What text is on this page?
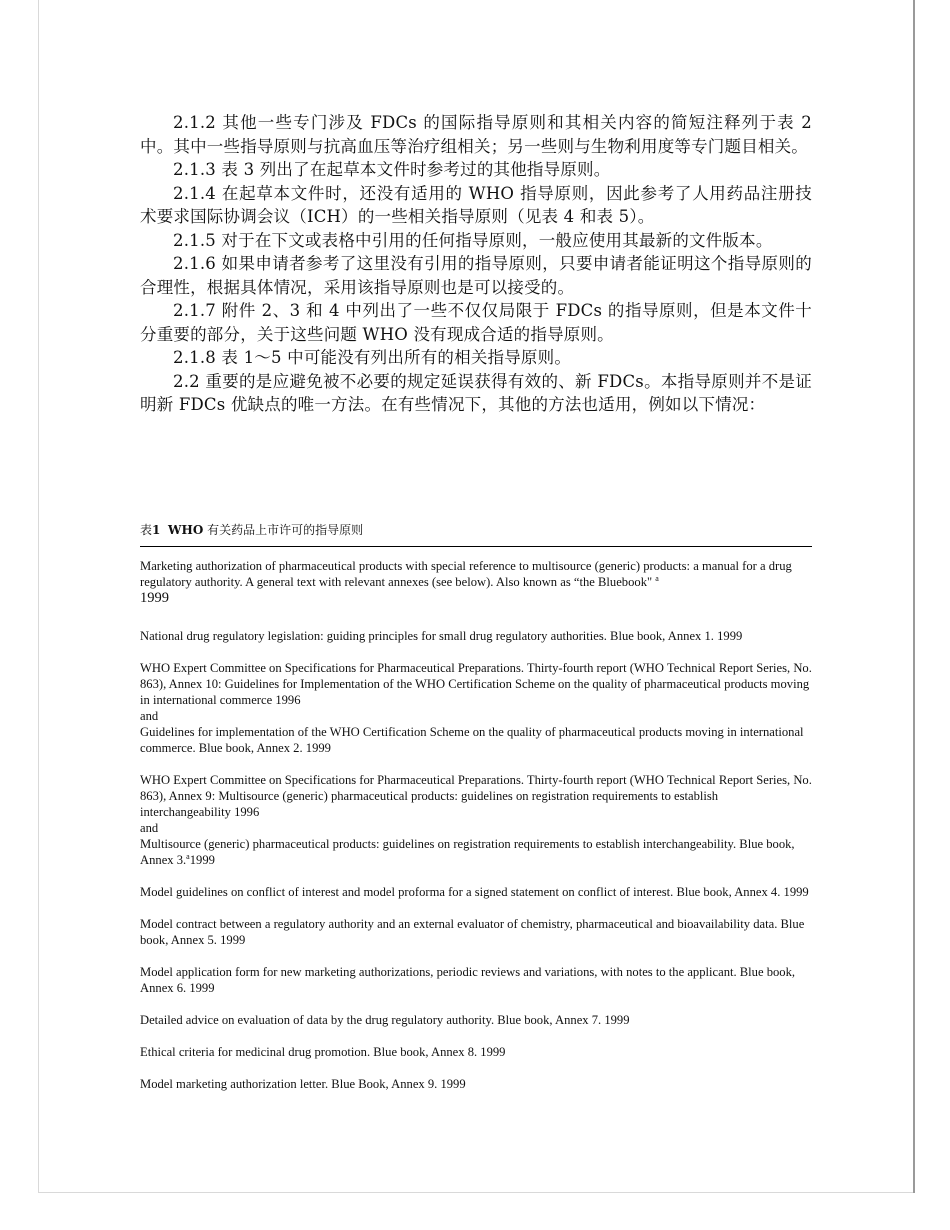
2.1.2 其他一些专门涉及 FDCs 的国际指导原则和其相关内容的简短注释列于表 2 中。其中一些指导原则与抗高血压等治疗组相关；另一些则与生物利用度等专门题目相关。

2.1.3 表 3 列出了在起草本文件时参考过的其他指导原则。

2.1.4 在起草本文件时，还没有适用的 WHO 指导原则，因此参考了人用药品注册技术要求国际协调会议（ICH）的一些相关指导原则（见表 4 和表 5）。

2.1.5 对于在下文或表格中引用的任何指导原则，一般应使用其最新的文件版本。

2.1.6 如果申请者参考了这里没有引用的指导原则，只要申请者能证明这个指导原则的合理性，根据具体情况，采用该指导原则也是可以接受的。

2.1.7 附件 2、3 和 4 中列出了一些不仅仅局限于 FDCs 的指导原则，但是本文件十分重要的部分，关于这些问题 WHO 没有现成合适的指导原则。

2.1.8 表 1～5 中可能没有列出所有的相关指导原则。

2.2 重要的是应避免被不必要的规定延误获得有效的、新 FDCs。本指导原则并不是证明新 FDCs 优缺点的唯一方法。在有些情况下，其他的方法也适用，例如以下情况：

表1 WHO 有关药品上市许可的指导原则

Marketing authorization of pharmaceutical products with special reference to multisource (generic) products: a manual for a drug regulatory authority. A general text with relevant annexes (see below). Also known as “the Bluebook" $^a$
1999

National drug regulatory legislation: guiding principles for small drug regulatory authorities. Blue book, Annex 1. 1999

WHO Expert Committee on Specifications for Pharmaceutical Preparations. Thirty-fourth report (WHO Technical Report Series, No. 863), Annex 10: Guidelines for Implementation of the WHO Certification Scheme on the quality of pharmaceutical products moving in international commerce 1996
and
Guidelines for implementation of the WHO Certification Scheme on the quality of pharmaceutical products moving in international commerce. Blue book, Annex 2. 1999

WHO Expert Committee on Specifications for Pharmaceutical Preparations. Thirty-fourth report (WHO Technical Report Series, No. 863), Annex 9: Multisource (generic) pharmaceutical products: guidelines on registration requirements to establish interchangeability 1996
and
Multisource (generic) pharmaceutical products: guidelines on registration requirements to establish interchangeability. Blue book, Annex 3.$^a$1999

Model guidelines on conflict of interest and model proforma for a signed statement on conflict of interest. Blue book, Annex 4. 1999

Model contract between a regulatory authority and an external evaluator of chemistry, pharmaceutical and bioavailability data. Blue book, Annex 5. 1999

Model application form for new marketing authorizations, periodic reviews and variations, with notes to the applicant. Blue book, Annex 6. 1999

Detailed advice on evaluation of data by the drug regulatory authority. Blue book, Annex 7. 1999

Ethical criteria for medicinal drug promotion. Blue book, Annex 8. 1999

Model marketing authorization letter. Blue Book, Annex 9. 1999
